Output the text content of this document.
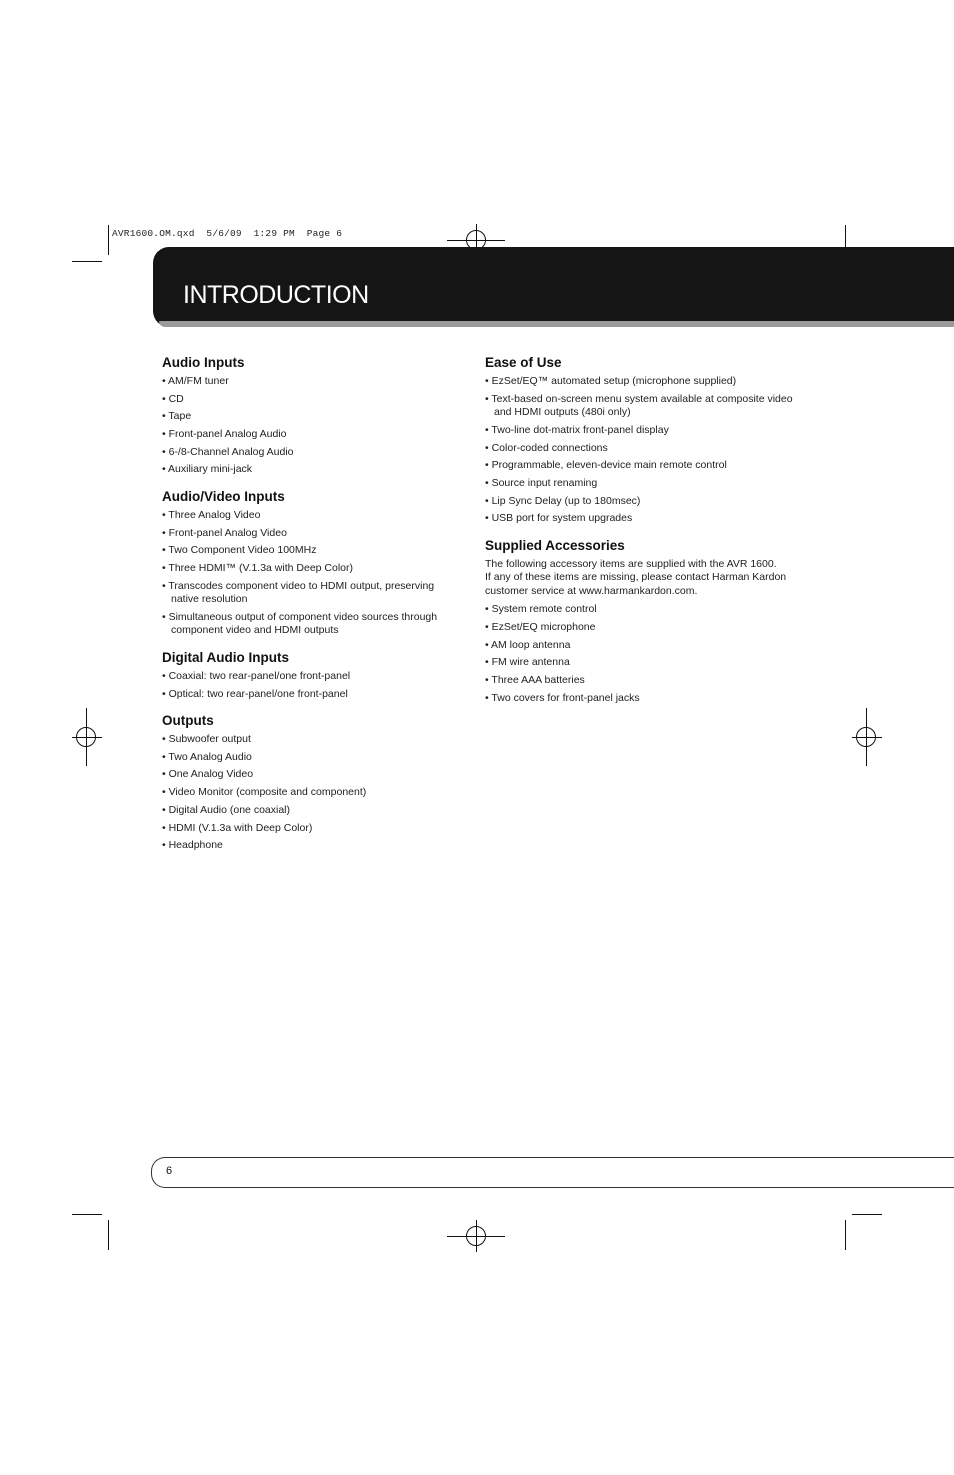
AVR1600.OM.qxd  5/6/09  1:29 PM  Page 6
INTRODUCTION
Audio Inputs
• AM/FM tuner
• CD
• Tape
• Front-panel Analog Audio
• 6-/8-Channel Analog Audio
• Auxiliary mini-jack
Audio/Video Inputs
• Three Analog Video
• Front-panel Analog Video
• Two Component Video 100MHz
• Three HDMI™ (V.1.3a with Deep Color)
• Transcodes component video to HDMI output, preserving native resolution
• Simultaneous output of component video sources through component video and HDMI outputs
Digital Audio Inputs
• Coaxial: two rear-panel/one front-panel
• Optical: two rear-panel/one front-panel
Outputs
• Subwoofer output
• Two Analog Audio
• One Analog Video
• Video Monitor (composite and component)
• Digital Audio (one coaxial)
• HDMI (V.1.3a with Deep Color)
• Headphone
Ease of Use
• EzSet/EQ™ automated setup (microphone supplied)
• Text-based on-screen menu system available at composite video and HDMI outputs (480i only)
• Two-line dot-matrix front-panel display
• Color-coded connections
• Programmable, eleven-device main remote control
• Source input renaming
• Lip Sync Delay (up to 180msec)
• USB port for system upgrades
Supplied Accessories
The following accessory items are supplied with the AVR 1600.
If any of these items are missing, please contact Harman Kardon
customer service at www.harmankardon.com.
• System remote control
• EzSet/EQ microphone
• AM loop antenna
• FM wire antenna
• Three AAA batteries
• Two covers for front-panel jacks
6
